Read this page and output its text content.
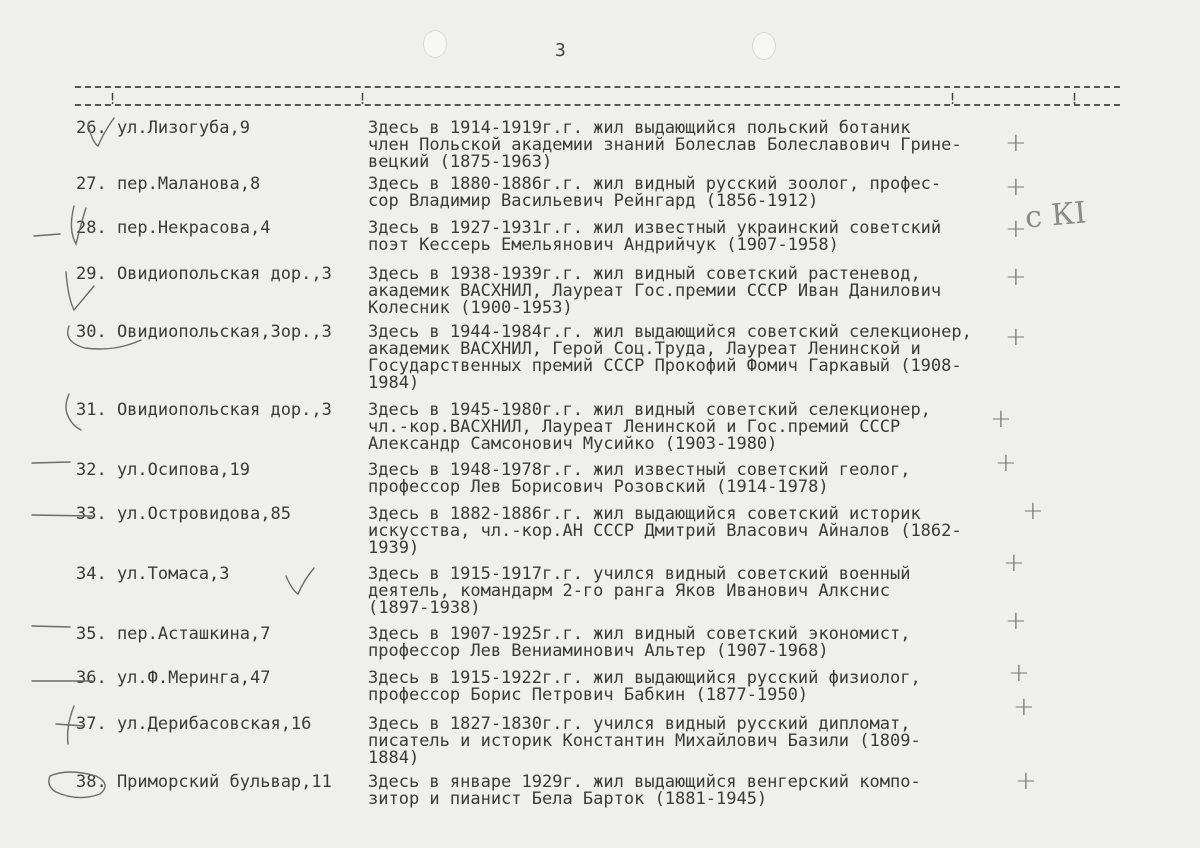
3
!	!	!	!
26. ул.Лизогуба,9	Здесь в 1914-1919г.г. жил выдающийся польский ботаник
член Польской академии знаний Болеслав Болеславович Грине-
вецкий (1875-1963)
27. пер.Маланова,8	Здесь в 1880-1886г.г. жил видный русский зоолог, профес-
сор Владимир Васильевич Рейнгард (1856-1912)
28. пер.Некрасова,4	Здесь в 1927-1931г.г. жил известный украинский советский
поэт Кессерь Емельянович Андрийчук (1907-1958)
29. Овидиопольская дор.,3 Здесь в 1938-1939г.г. жил видный советский растеневод,
академик ВАСХНИЛ, Лауреат Гос.премии СССР Иван Данилович
Колесник (1900-1953)
30. Овидиопольская,Зор.,3 Здесь в 1944-1984г.г. жил выдающийся советский селекционер,
академик ВАСХНИЛ, Герой Соц.Труда, Лауреат Ленинской и
Государственных премий СССР Прокофий Фомич Гаркавый (1908-
1984)
31. Овидиопольская дор.,3 Здесь в 1945-1980г.г. жил видный советский селекционер,
чл.-кор.ВАСХНИЛ, Лауреат Ленинской и Гос.премий СССР
Александр Самсонович Мусийко (1903-1980)
32. ул.Осипова,19	Здесь в 1948-1978г.г. жил известный советский геолог,
профессор Лев Борисович Розовский (1914-1978)
33. ул.Островидова,85	Здесь в 1882-1886г.г. жил выдающийся советский историк
искусства, чл.-кор.АН СССР Дмитрий Власович Айналов (1862-
1939)
34. ул.Томаса,3	Здесь в 1915-1917г.г. учился видный советский военный
деятель, командарм 2-го ранга Яков Иванович Алкснис
(1897-1938)
35. пер.Асташкина,7	Здесь в 1907-1925г.г. жил видный советский экономист,
профессор Лев Вениаминович Альтер (1907-1968)
36. ул.Ф.Меринга,47	Здесь в 1915-1922г.г. жил выдающийся русский физиолог,
профессор Борис Петрович Бабкин (1877-1950)
37. ул.Дерибасовская,16	Здесь в 1827-1830г.г. учился видный русский дипломат,
писатель и историк Константин Михайлович Базили (1809-
1884)
38. Приморский бульвар,11 Здесь в январе 1929г. жил выдающийся венгерский компо-
зитор и пианист Бела Барток (1881-1945)
с КІ
+
+
+
+
+
+
+
+
+
+
+
+
+
